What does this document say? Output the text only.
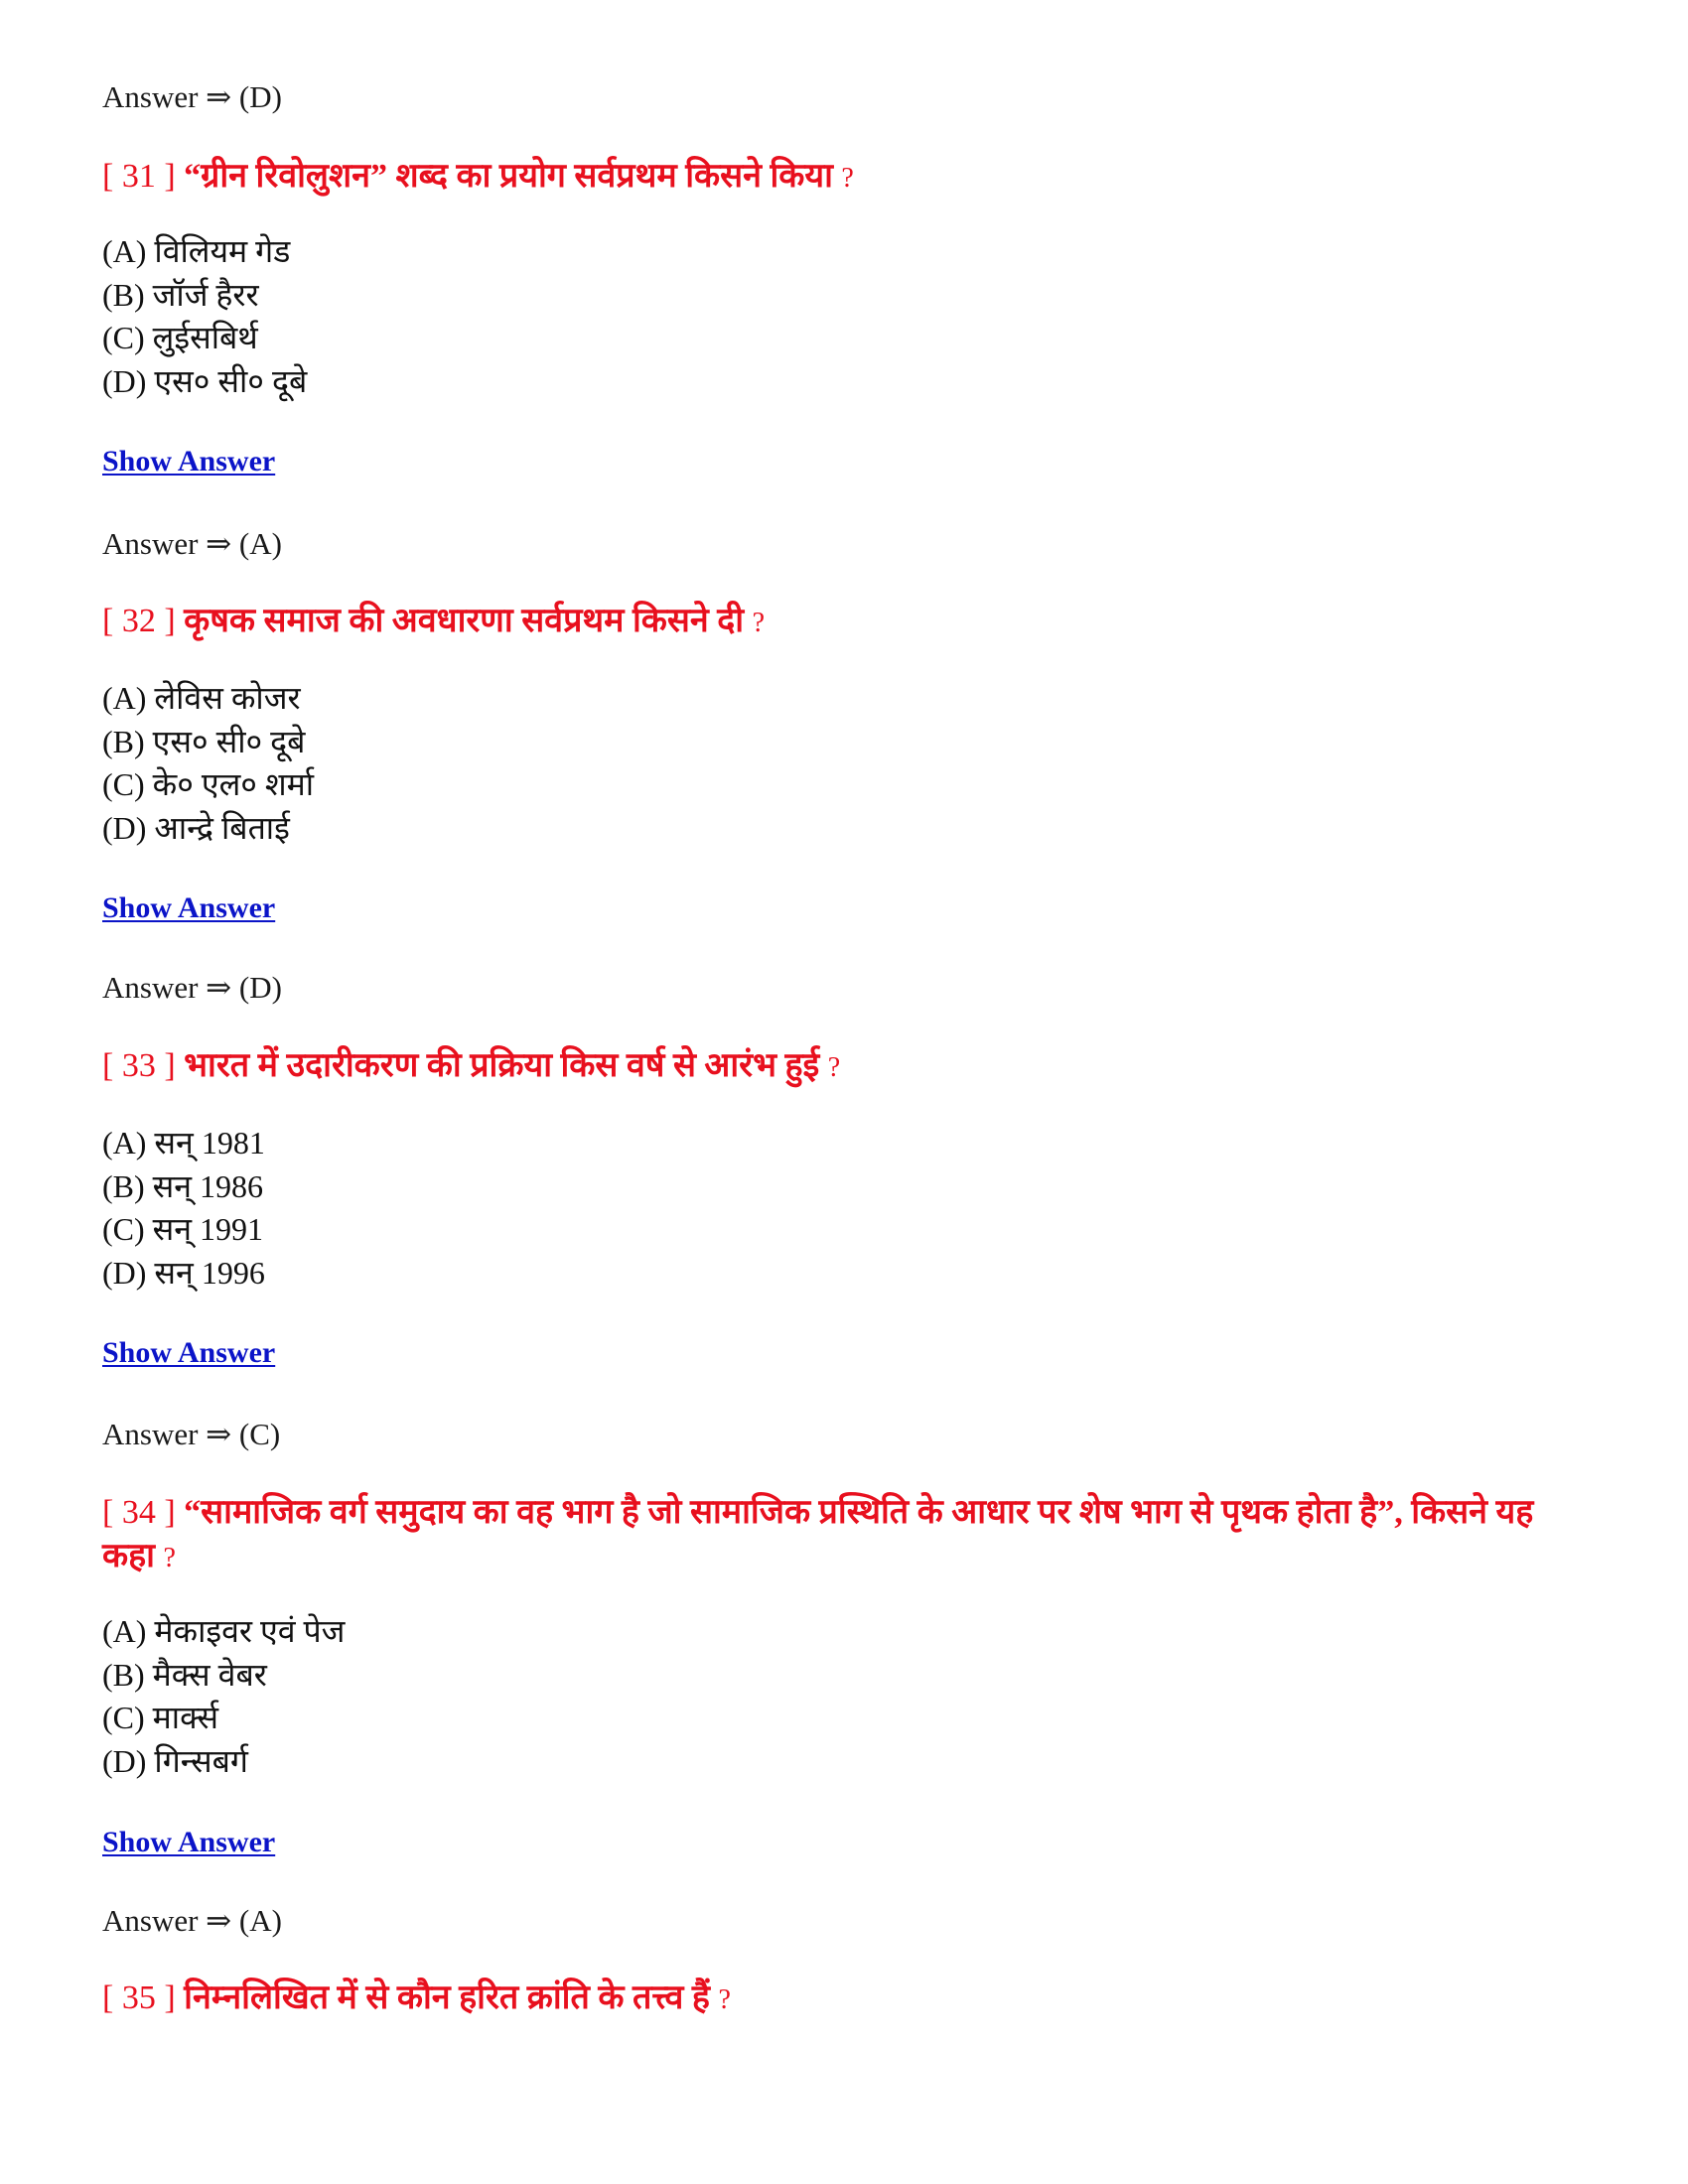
Answer ⇒ (D)
[ 31 ] “ग्रीन रिवोलुशन” शब्द का प्रयोग सर्वप्रथम किसने किया ?
(A) विलियम गेड
(B) जॉर्ज हैरर
(C) लुईसबिर्थ
(D) एस० सी० दूबे
Show Answer
Answer ⇒ (A)
[ 32 ] कृषक समाज की अवधारणा सर्वप्रथम किसने दी ?
(A) लेविस कोजर
(B) एस० सी० दूबे
(C) के० एल० शर्मा
(D) आन्द्रे बिताई
Show Answer
Answer ⇒ (D)
[ 33 ] भारत में उदारीकरण की प्रक्रिया किस वर्ष से आरंभ हुई ?
(A) सन् 1981
(B) सन् 1986
(C) सन् 1991
(D) सन् 1996
Show Answer
Answer ⇒ (C)
[ 34 ] “सामाजिक वर्ग समुदाय का वह भाग है जो सामाजिक प्रस्थिति के आधार पर शेष भाग से पृथक होता है”, किसने यह कहा ?
(A) मेकाइवर एवं पेज
(B) मैक्स वेबर
(C) मार्क्स
(D) गिन्सबर्ग
Show Answer
Answer ⇒ (A)
[ 35 ] निम्नलिखित में से कौन हरित क्रांति के तत्त्व हैं ?
